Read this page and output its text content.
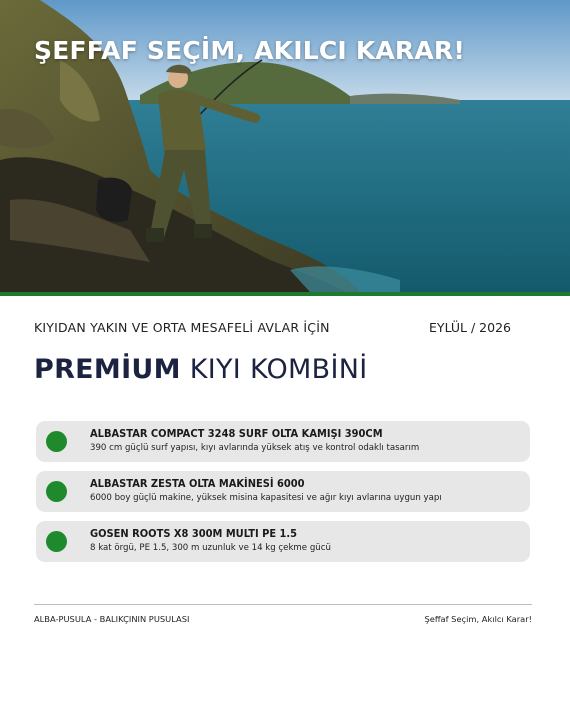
ŞEFFAF SEÇİM, AKILCI KARAR!
KIYIDAN YAKIN VE ORTA MESAFELİ AVLAR İÇİN	EYLÜL / 2026
PREMİUM KIYI KOMBİNİ
ALBASTAR COMPACT 3248 SURF OLTA KAMIŞI 390CM
390 cm güçlü surf yapısı, kıyı avlarında yüksek atış ve kontrol odaklı tasarım
ALBASTAR ZESTA OLTA MAKİNESİ 6000
6000 boy güçlü makine, yüksek misina kapasitesi ve ağır kıyı avlarına uygun yapı
GOSEN ROOTS X8 300M MULTI PE 1.5
8 kat örgü, PE 1.5, 300 m uzunluk ve 14 kg çekme gücü
ALBA-PUSULA - BALIKÇININ PUSULASI	Şeffaf Seçim, Akılcı Karar!
